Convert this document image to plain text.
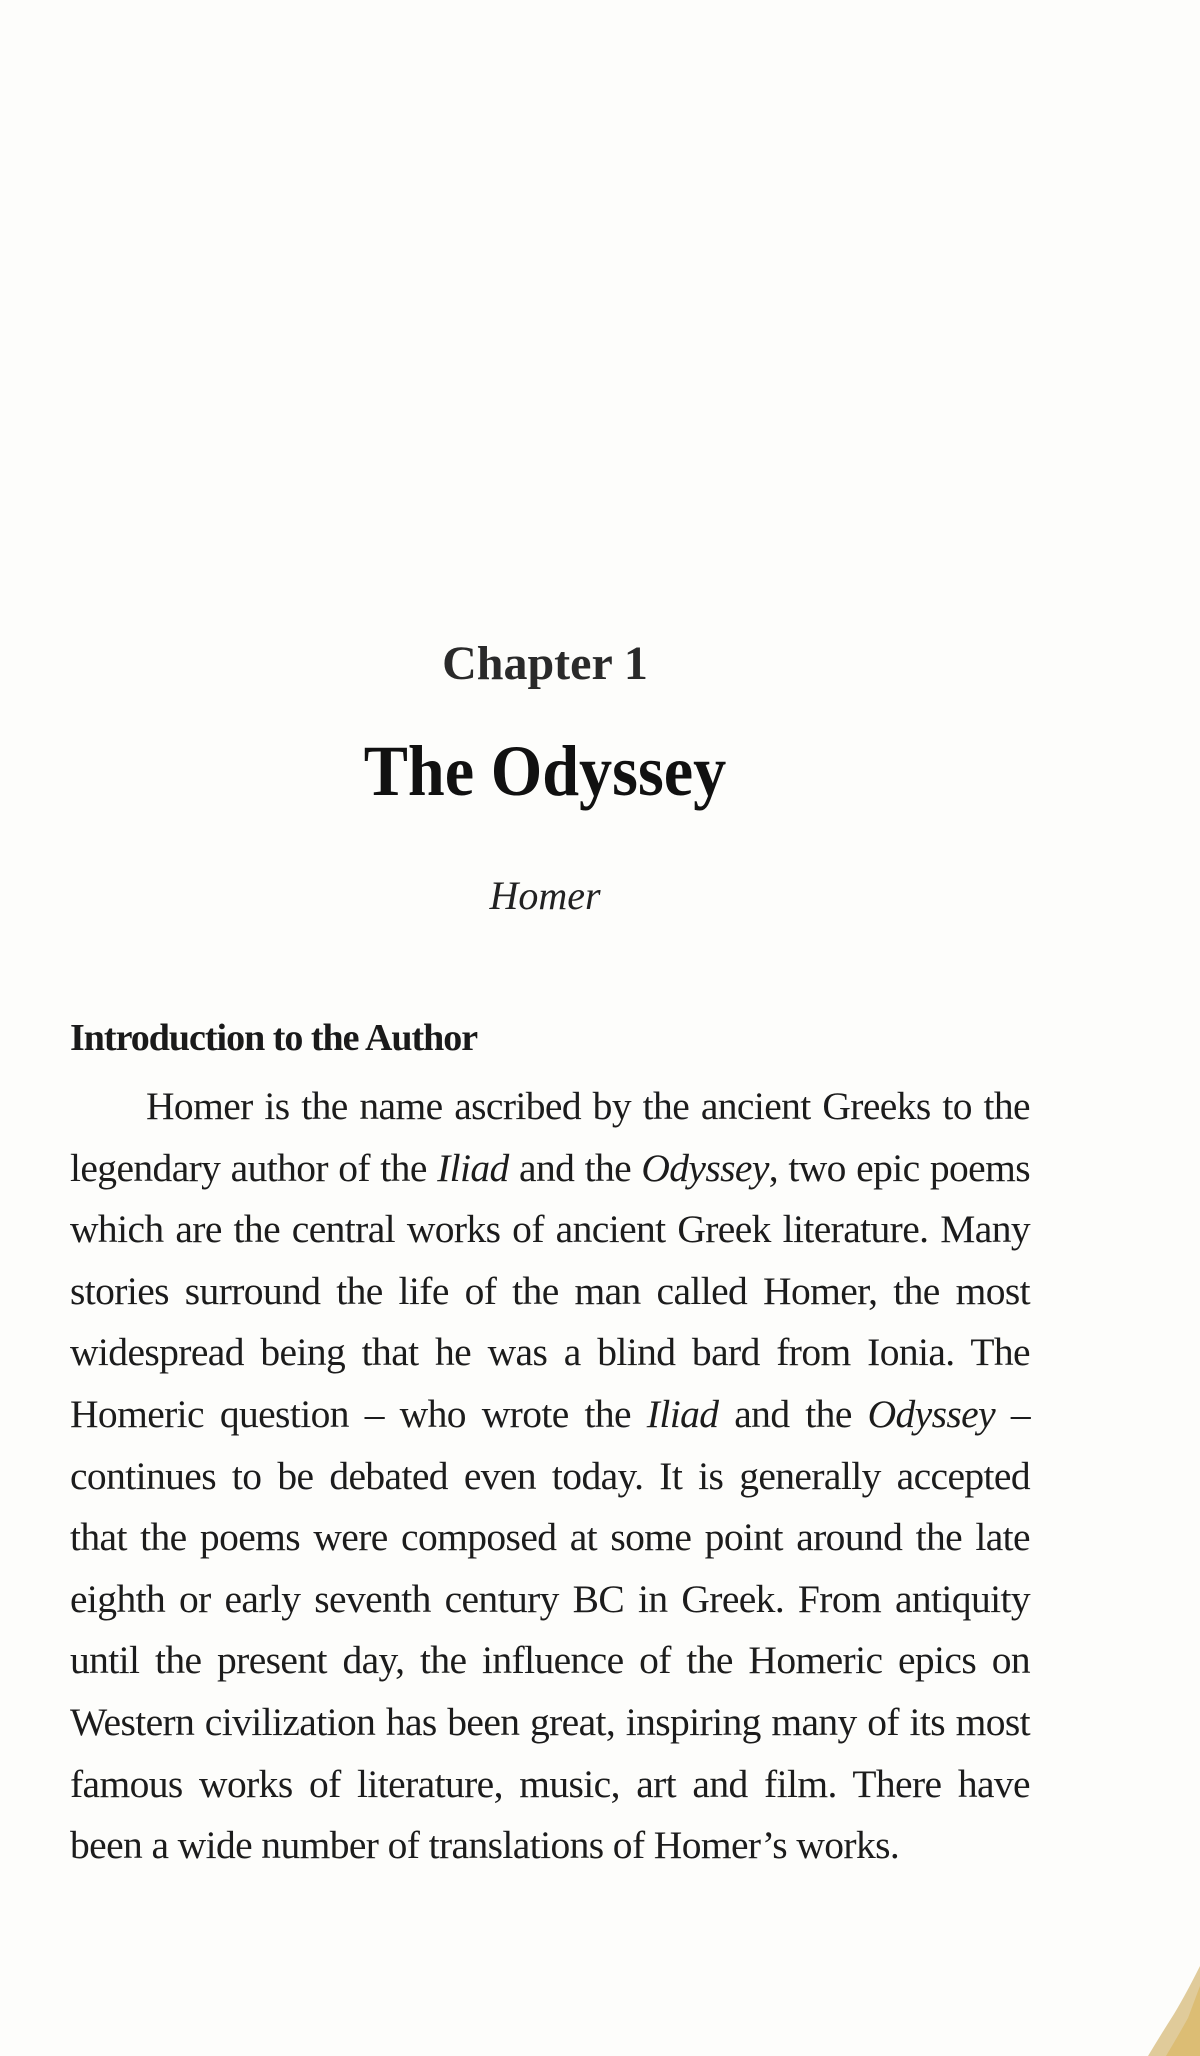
Chapter 1
The Odyssey
Homer
Introduction to the Author

Homer is the name ascribed by the ancient Greeks to the legendary author of the Iliad and the Odyssey, two epic poems which are the central works of ancient Greek literature. Many stories surround the life of the man called Homer, the most widespread being that he was a blind bard from Ionia. The Homeric question – who wrote the Iliad and the Odyssey – continues to be debated even today. It is generally accepted that the poems were composed at some point around the late eighth or early seventh century BC in Greek. From antiquity until the present day, the influence of the Homeric epics on Western civilization has been great, inspiring many of its most famous works of literature, music, art and film. There have been a wide number of translations of Homer’s works.
